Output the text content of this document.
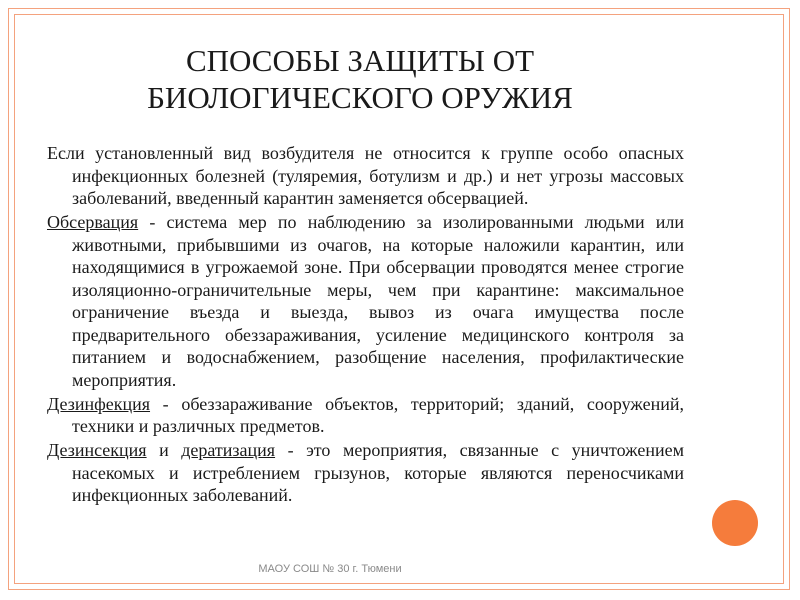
СПОСОБЫ ЗАЩИТЫ ОТ
БИОЛОГИЧЕСКОГО ОРУЖИЯ

Если установленный вид возбудителя не относится к группе особо опасных инфекционных болезней (туляремия, ботулизм и др.) и нет угрозы массовых заболеваний, введенный карантин заменяется обсервацией.

Обсервация - система мер по наблюдению за изолированными людьми или животными, прибывшими из очагов, на которые наложили карантин, или находящимися в угрожаемой зоне. При обсервации проводятся менее строгие изоляционно-ограничительные меры, чем при карантине: максимальное ограничение въезда и выезда, вывоз из очага имущества после предварительного обеззараживания, усиление медицинского контроля за питанием и водоснабжением, разобщение населения, профилактические мероприятия.

Дезинфекция - обеззараживание объектов, территорий; зданий, сооружений, техники и различных предметов.

Дезинсекция и дератизация - это мероприятия, связанные с уничтожением насекомых и истреблением грызунов, которые являются переносчиками инфекционных заболеваний.

МАОУ СОШ № 30 г. Тюмени
